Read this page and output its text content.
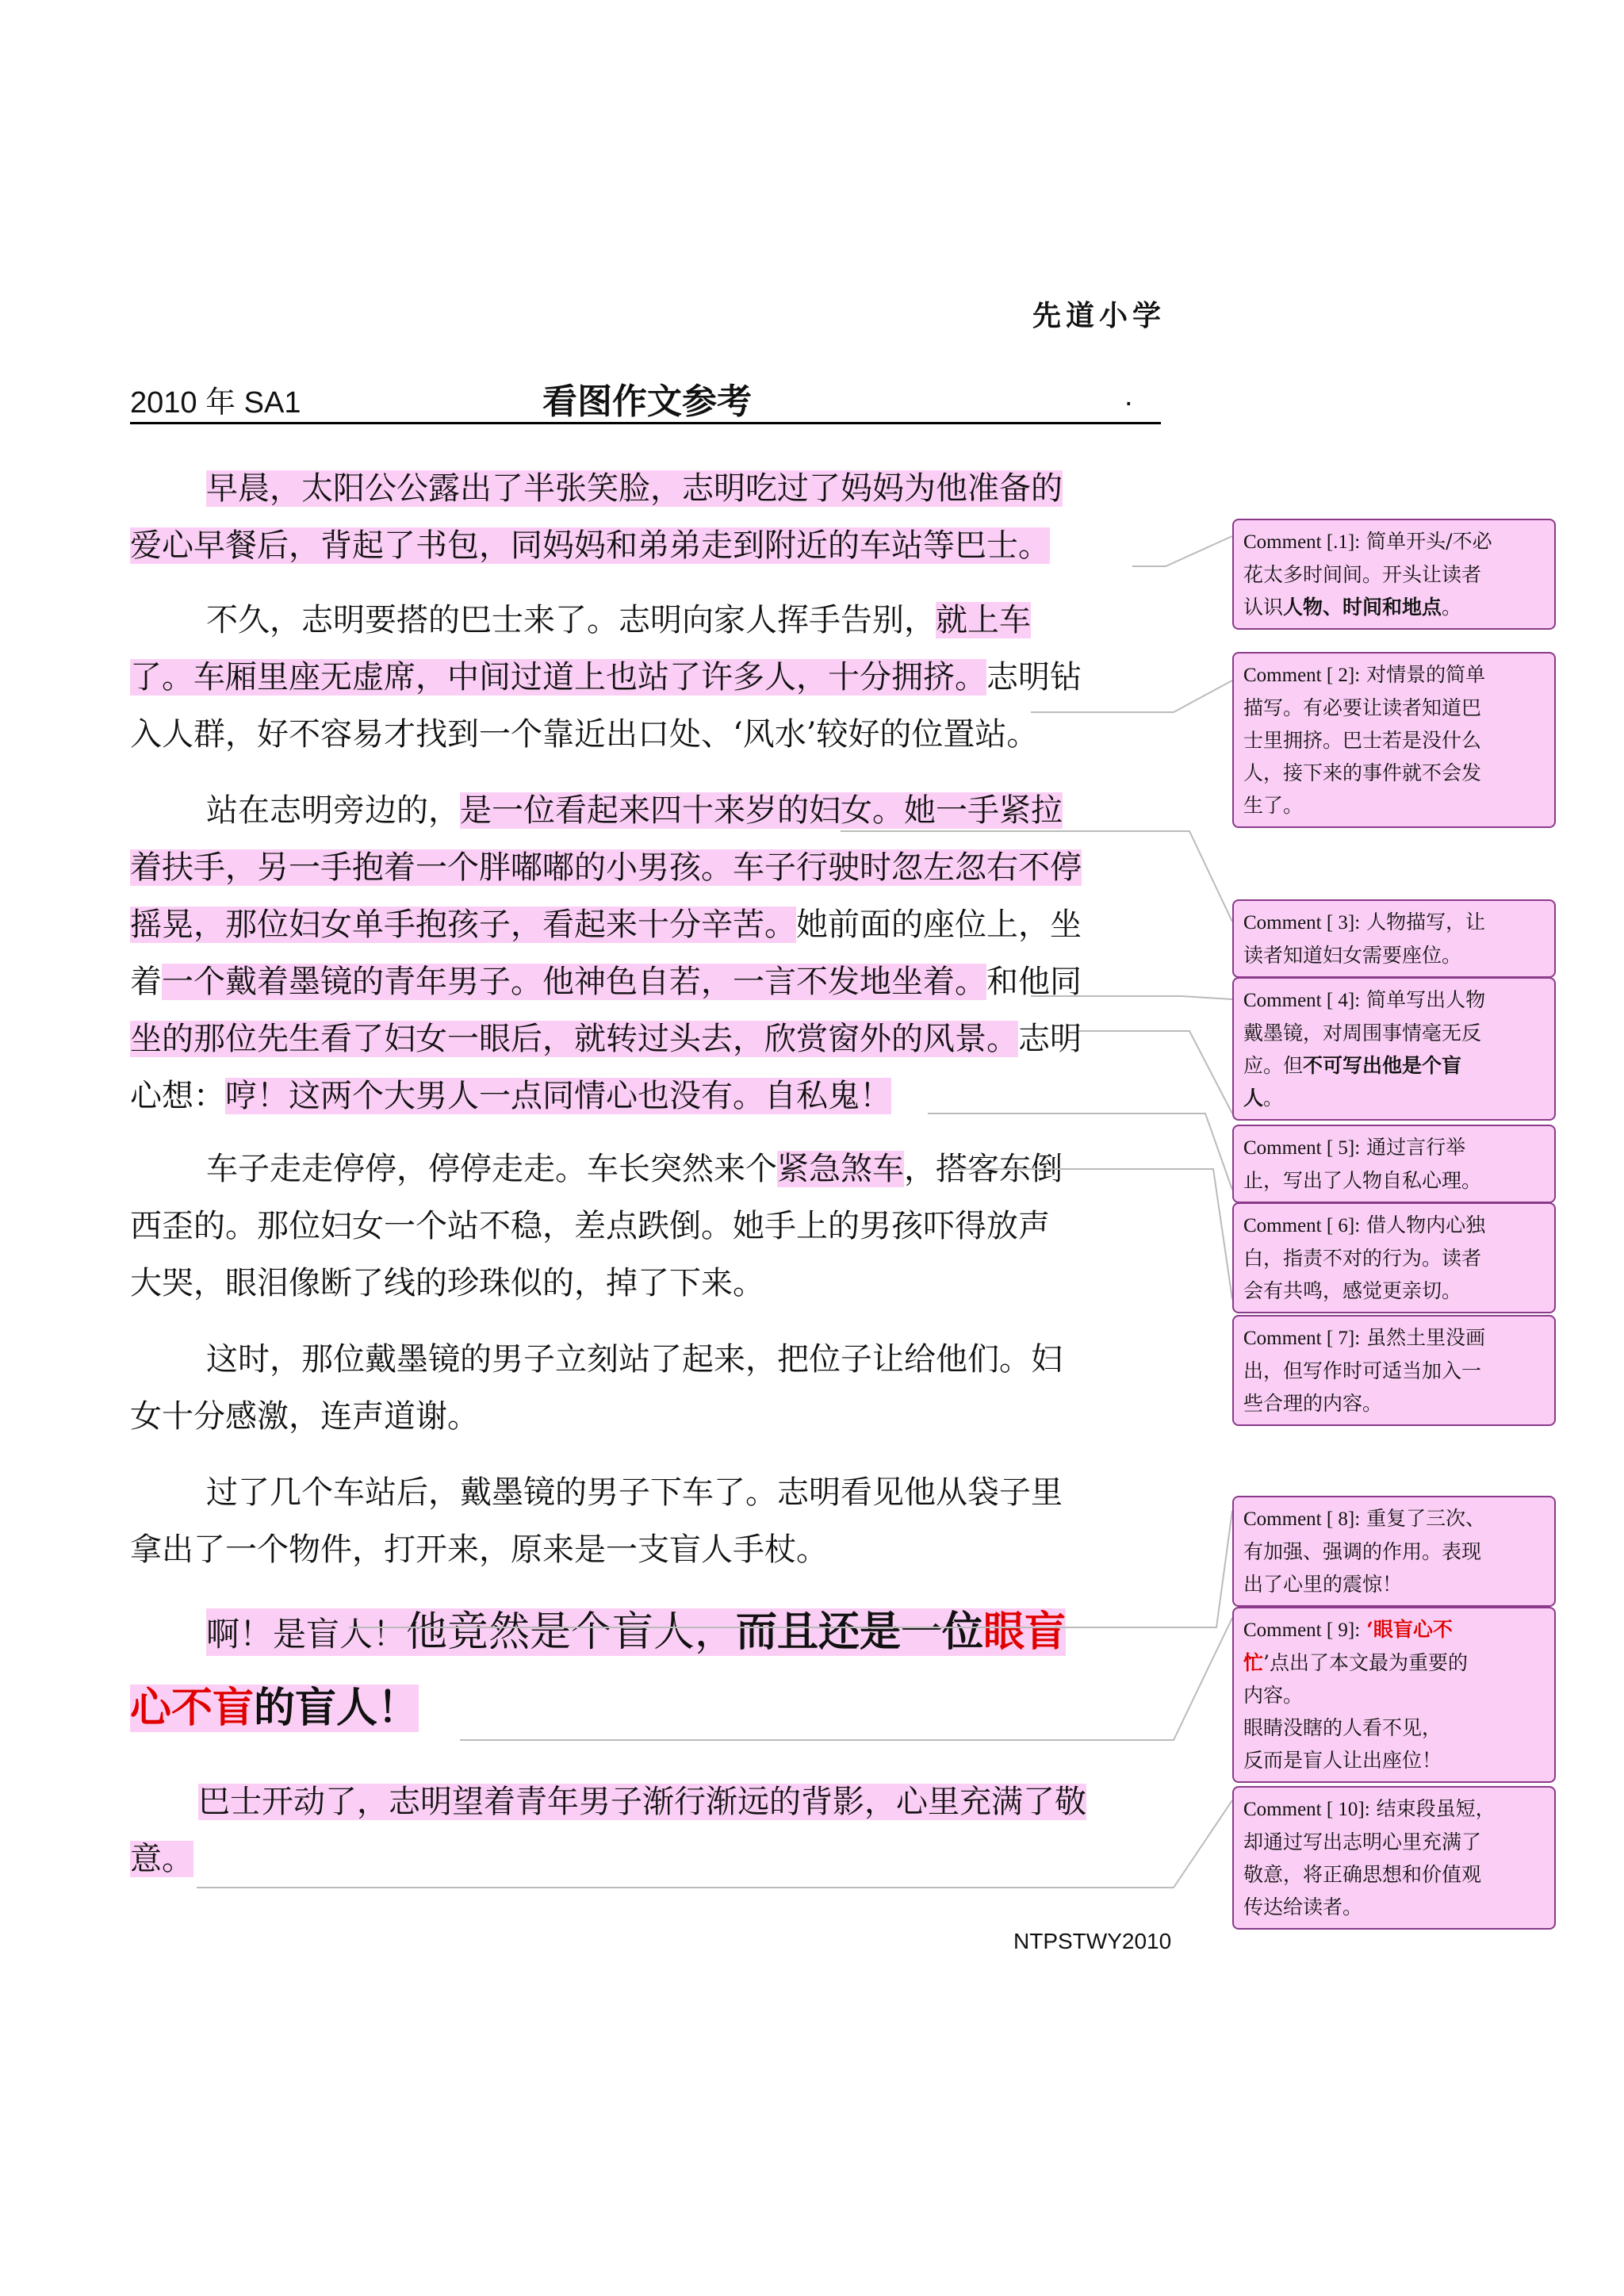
先道小学
2010 年 SA1	看图作文参考	.
早晨，太阳公公露出了半张笑脸，志明吃过了妈妈为他准备的
爱心早餐后，背起了书包，同妈妈和弟弟走到附近的车站等巴士。
不久，志明要搭的巴士来了。志明向家人挥手告别，就上车
了。车厢里座无虚席，中间过道上也站了许多人，十分拥挤。志明钻
入人群，好不容易才找到一个靠近出口处、‘风水’较好的位置站。
站在志明旁边的，是一位看起来四十来岁的妇女。她一手紧拉
着扶手，另一手抱着一个胖嘟嘟的小男孩。车子行驶时忽左忽右不停
摇晃，那位妇女单手抱孩子，看起来十分辛苦。她前面的座位上，坐
着一个戴着墨镜的青年男子。他神色自若，一言不发地坐着。和他同
坐的那位先生看了妇女一眼后，就转过头去，欣赏窗外的风景。志明
心想：哼！这两个大男人一点同情心也没有。自私鬼！
车子走走停停，停停走走。车长突然来个紧急煞车，搭客东倒
西歪的。那位妇女一个站不稳，差点跌倒。她手上的男孩吓得放声
大哭，眼泪像断了线的珍珠似的，掉了下来。
这时，那位戴墨镜的男子立刻站了起来，把位子让给他们。妇
女十分感激，连声道谢。
过了几个车站后，戴墨镜的男子下车了。志明看见他从袋子里
拿出了一个物件，打开来，原来是一支盲人手杖。
啊！是盲人！他竟然是个盲人，而且还是一位眼盲
心不盲的盲人！
巴士开动了，志明望着青年男子渐行渐远的背影，心里充满了敬
意。
Comment [.1]: 简单开头/不必
花太多时间间。开头让读者
认识人物、时间和地点。
Comment [ 2]: 对情景的简单
描写。有必要让读者知道巴
士里拥挤。巴士若是没什么
人，接下来的事件就不会发
生了。
Comment [ 3]: 人物描写，让
读者知道妇女需要座位。
Comment [ 4]: 简单写出人物
戴墨镜，对周围事情毫无反
应。但不可写出他是个盲
人。
Comment [ 5]: 通过言行举
止，写出了人物自私心理。
Comment [ 6]: 借人物内心独
白，指责不对的行为。读者
会有共鸣，感觉更亲切。
Comment [ 7]: 虽然土里没画
出，但写作时可适当加入一
些合理的内容。
Comment [ 8]: 重复了三次、
有加强、强调的作用。表现
出了心里的震惊！
Comment [ 9]: ‘眼盲心不
忙’点出了本文最为重要的
内容。
眼睛没瞎的人看不见，
反而是盲人让出座位！
Comment [ 10]: 结束段虽短，
却通过写出志明心里充满了
敬意，将正确思想和价值观
传达给读者。
NTPSTWY2010
